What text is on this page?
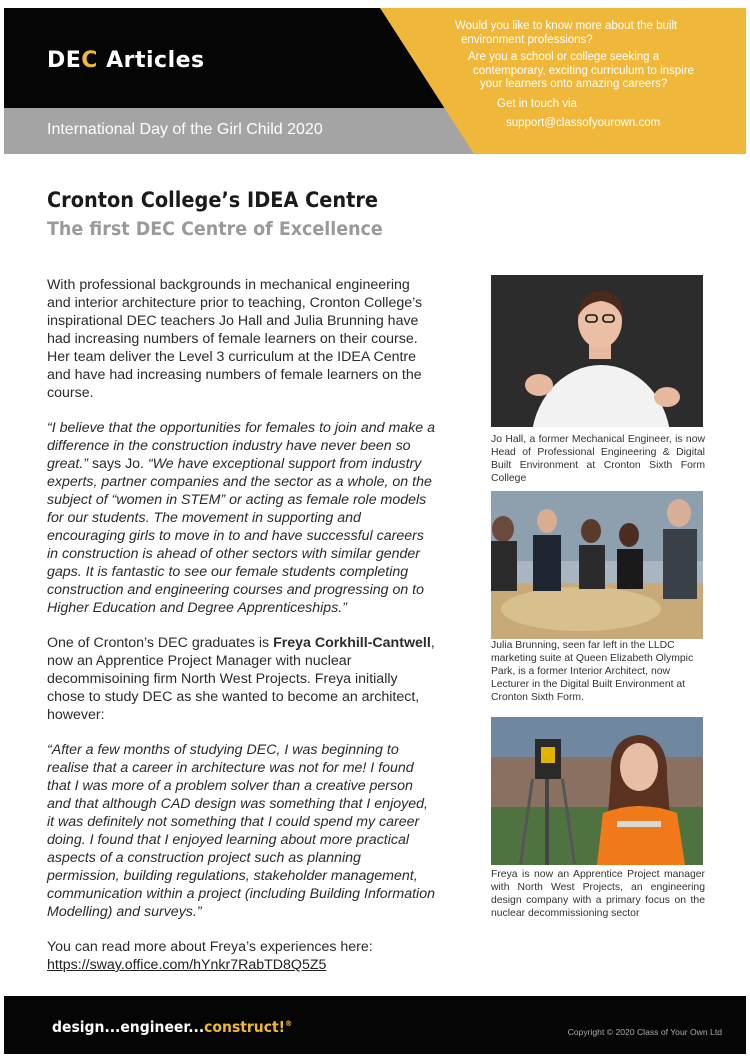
DEC Articles
International Day of the Girl Child 2020

Would you like to know more about the built

environment professions?

Are you a school or college seeking a

contemporary, exciting curriculum to inspire

your learners onto amazing careers?

Get in touch via

support@classofyourown.com

Cronton College’s IDEA Centre
The first DEC Centre of Excellence

With professional backgrounds in mechanical engineering and interior architecture prior to teaching, Cronton College’s inspirational DEC teachers Jo Hall and Julia Brunning have had increasing numbers of female learners on their course. Her team deliver the Level 3 curriculum at the IDEA Centre and have had increasing numbers of female learners on the course.

“I believe that the opportunities for females to join and make a difference in the construction industry have never been so great.” says Jo. “We have exceptional support from industry experts, partner companies and the sector as a whole, on the subject of “women in STEM” or acting as female role models for our students. The movement in supporting and encouraging girls to move in to and have successful careers in construction is ahead of other sectors with similar gender gaps. It is fantastic to see our female students completing construction and engineering courses and progressing on to Higher Education and Degree Apprenticeships.”

One of Cronton’s DEC graduates is Freya Corkhill-Cantwell, now an Apprentice Project Manager with nuclear decommisoining firm North West Projects. Freya initially chose to study DEC as she wanted to become an architect, however:

“After a few months of studying DEC, I was beginning to realise that a career in architecture was not for me! I found that I was more of a problem solver than a creative person and that although CAD design was something that I enjoyed, it was definitely not something that I could spend my career doing. I found that I enjoyed learning about more practical aspects of a construction project such as planning permission, building regulations, stakeholder management, communication within a project (including Building Information Modelling) and surveys.”

You can read more about Freya’s experiences here:
https://sway.office.com/hYnkr7RabTD8Q5Z5

Jo Hall, a former Mechanical Engineer, is now Head of Professional Engineering & Digital Built Environment at Cronton Sixth Form College
Julia Brunning, seen far left in the LLDC marketing suite at Queen Elizabeth Olympic Park, is a former Interior Architect, now Lecturer in the Digital Built Environment at Cronton Sixth Form.
Freya is now an Apprentice Project manager with North West Projects, an engineering design company with a primary focus on the nuclear decommissioning sector
design...engineer...construct!®
Copyright © 2020 Class of Your Own Ltd
